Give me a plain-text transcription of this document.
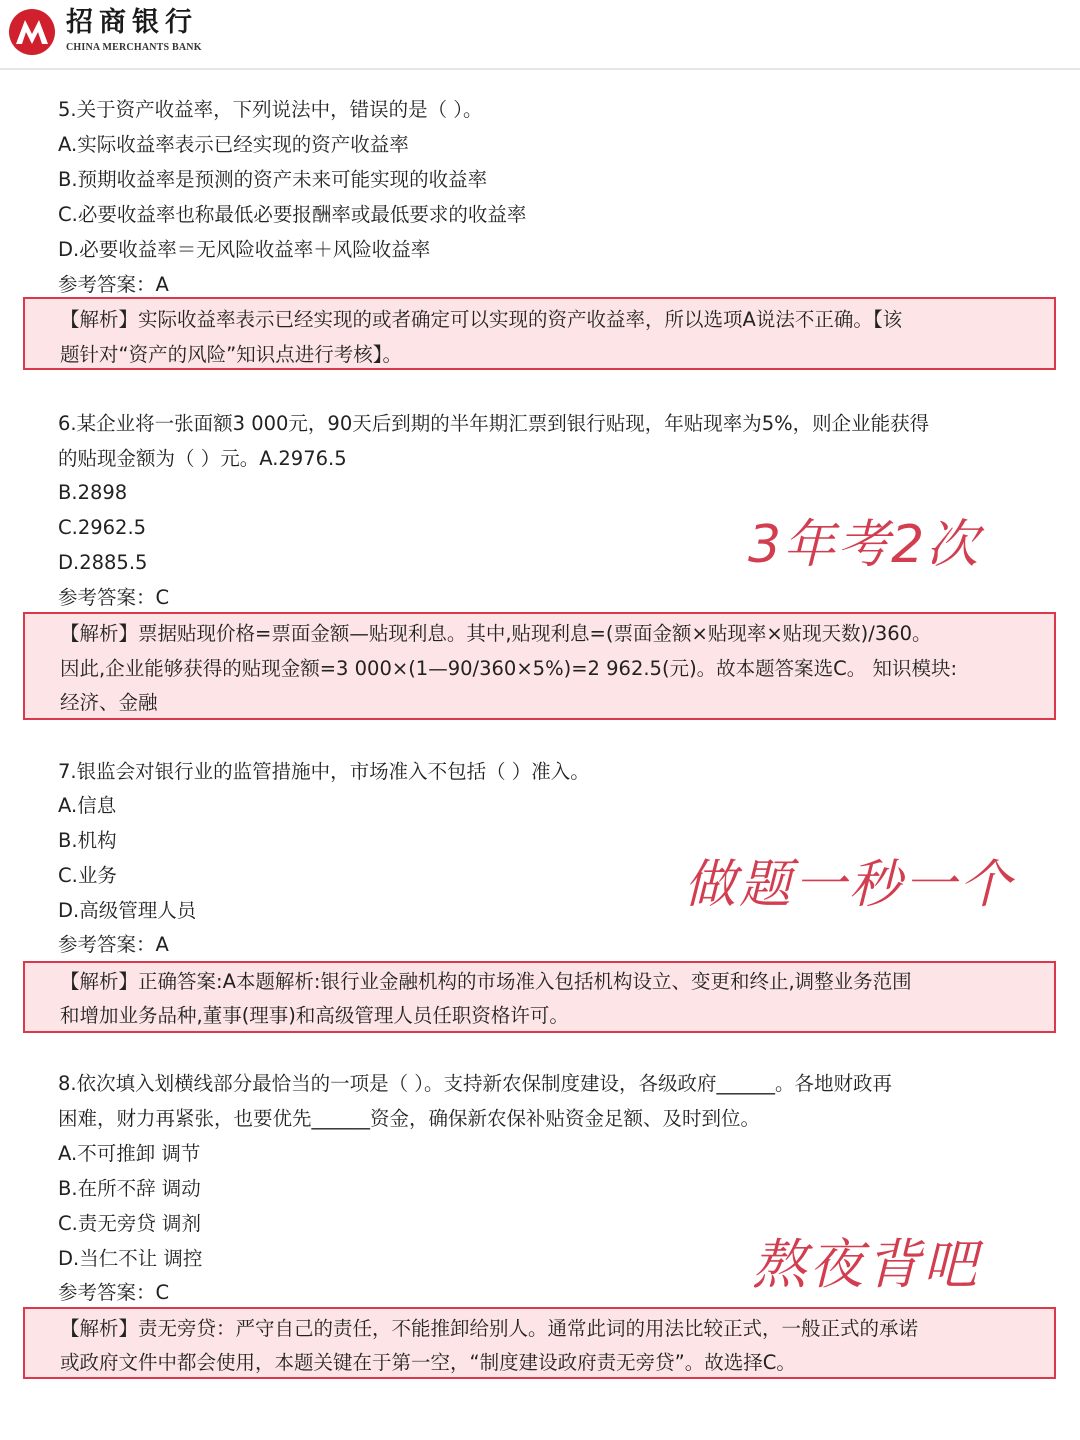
招商银行
CHINA MERCHANTS BANK
5.关于资产收益率，下列说法中，错误的是（ ）。
A.实际收益率表示已经实现的资产收益率
B.预期收益率是预测的资产未来可能实现的收益率
C.必要收益率也称最低必要报酬率或最低要求的收益率
D.必要收益率＝无风险收益率＋风险收益率
参考答案：A
【解析】实际收益率表示已经实现的或者确定可以实现的资产收益率，所以选项A说法不正确。【该
题针对“资产的风险”知识点进行考核】。
6.某企业将一张面额3 000元，90天后到期的半年期汇票到银行贴现，年贴现率为5%，则企业能获得
的贴现金额为（ ）元。A.2976.5
B.2898
C.2962.5
D.2885.5
参考答案：C
【解析】票据贴现价格=票面金额—贴现利息。其中,贴现利息=(票面金额×贴现率×贴现天数)/360。
因此,企业能够获得的贴现金额=3 000×(1—90/360×5%)=2 962.5(元)。故本题答案选C。 知识模块:
经济、金融
3年考2次
7.银监会对银行业的监管措施中，市场准入不包括（ ）准入。
A.信息
B.机构
C.业务
D.高级管理人员
参考答案：A
【解析】正确答案:A本题解析:银行业金融机构的市场准入包括机构设立、变更和终止,调整业务范围
和增加业务品种,董事(理事)和高级管理人员任职资格许可。
做题一秒一个
8.依次填入划横线部分最恰当的一项是（ ）。支持新农保制度建设，各级政府______。各地财政再
困难，财力再紧张，也要优先______资金，确保新农保补贴资金足额、及时到位。
A.不可推卸 调节
B.在所不辞 调动
C.责无旁贷 调剂
D.当仁不让 调控
参考答案：C
【解析】责无旁贷：严守自己的责任，不能推卸给别人。通常此词的用法比较正式，一般正式的承诺
或政府文件中都会使用，本题关键在于第一空，“制度建设政府责无旁贷”。故选择C。
熬夜背吧
